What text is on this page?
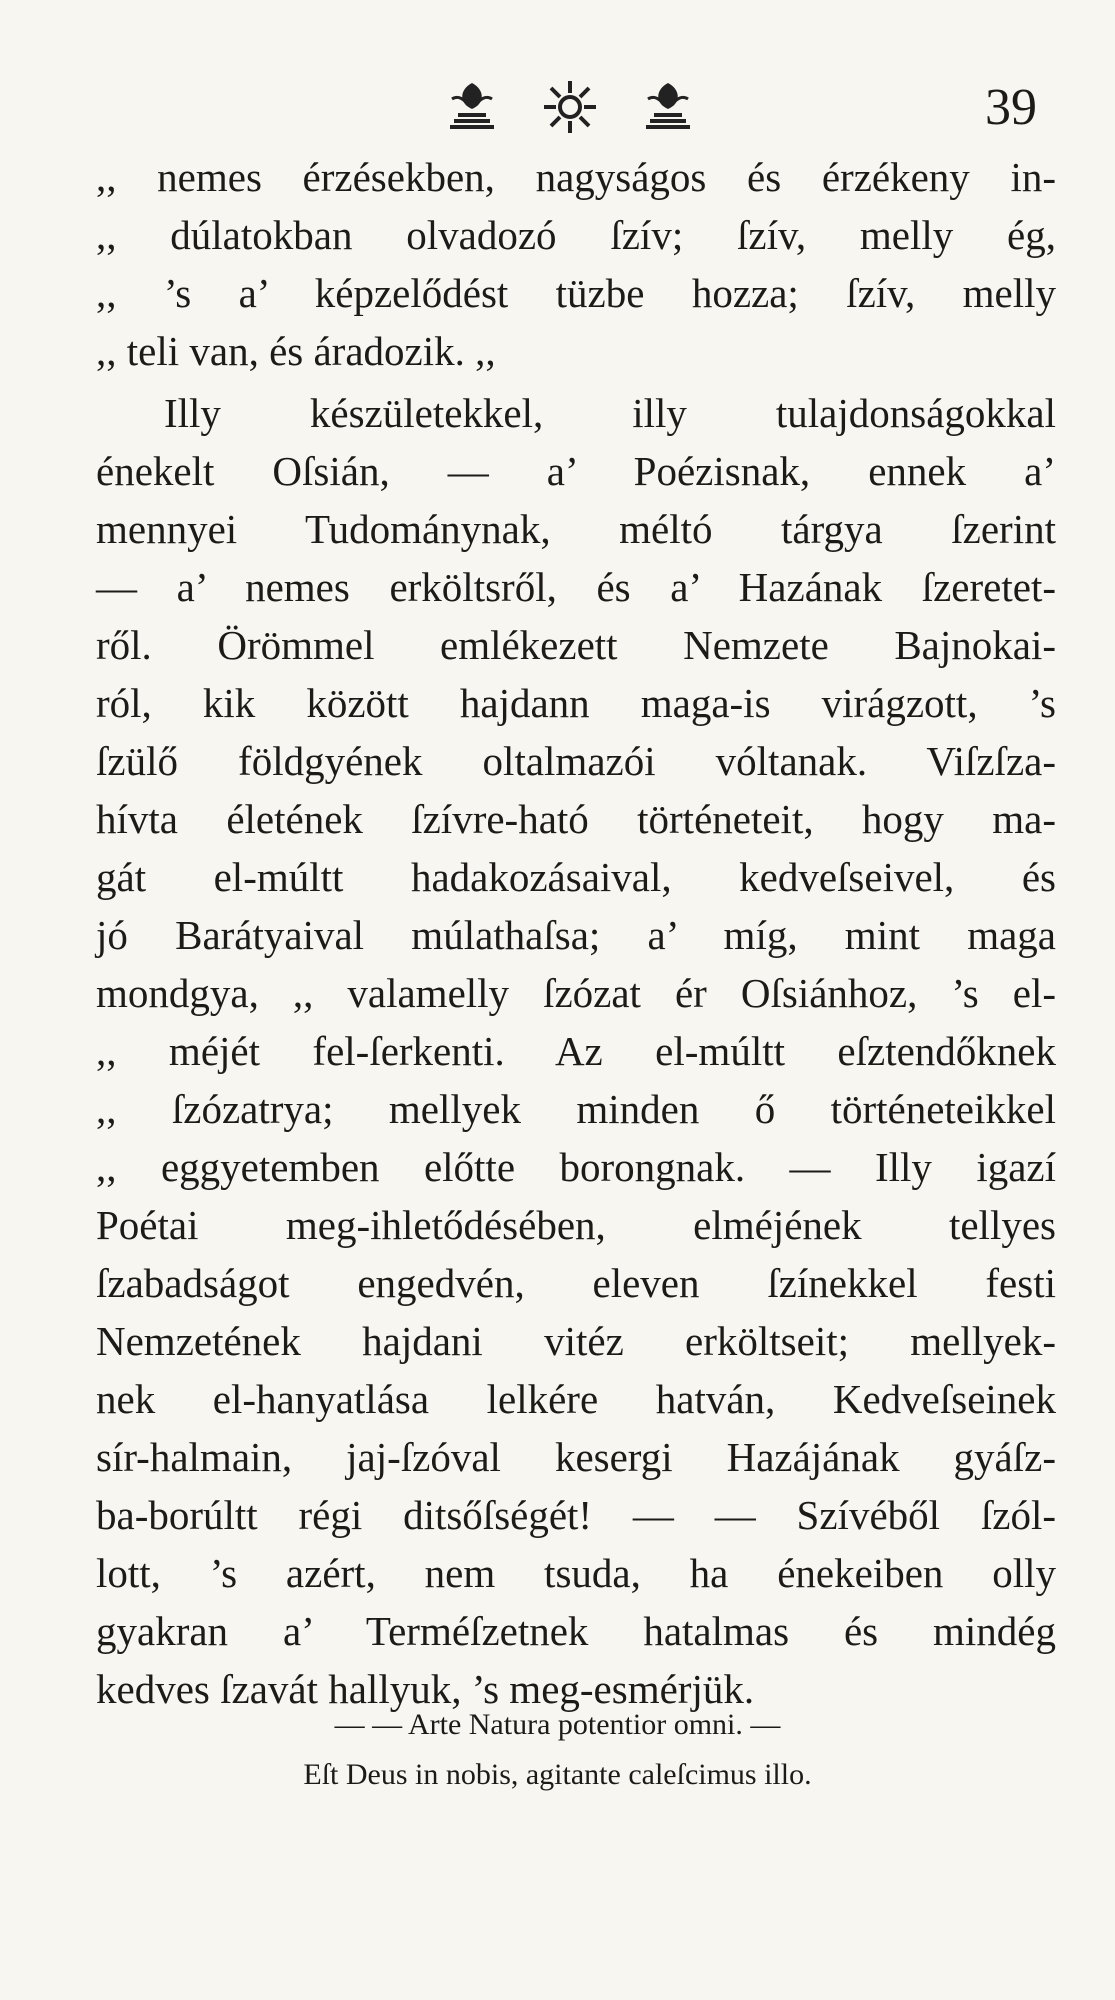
39
,, nemes érzésekben, nagyságos és érzékeny in-
,, dúlatokban olvadozó ſzív; ſzív, melly ég,
,, ’s a’ képzelődést tüzbe hozza; ſzív, melly
,, teli van, és áradozik. ,,
Illy készületekkel, illy tulajdonságokkal
énekelt Oſsián, — a’ Poézisnak, ennek a’
mennyei Tudománynak, méltó tárgya ſzerint
— a’ nemes erköltsről, és a’ Hazának ſzeretet-
ről. Örömmel emlékezett Nemzete Bajnokai-
ról, kik között hajdann maga-is virágzott, ’s
ſzülő földgyének oltalmazói vóltanak. Viſzſza-
hívta életének ſzívre-ható történeteit, hogy ma-
gát el-múltt hadakozásaival, kedveſseivel, és
jó Barátyaival múlathaſsa; a’ míg, mint maga
mondgya, ,, valamelly ſzózat ér Oſsiánhoz, ’s el-
,, méjét fel-ſerkenti. Az el-múltt eſztendőknek
,, ſzózatrya; mellyek minden ő történeteikkel
,, eggyetemben előtte borongnak. — Illy igazí
Poétai meg-ihletődésében, elméjének tellyes
ſzabadságot engedvén, eleven ſzínekkel festi
Nemzetének hajdani vitéz erköltseit; mellyek-
nek el-hanyatlása lelkére hatván, Kedveſseinek
sír-halmain, jaj-ſzóval kesergi Hazájának gyáſz-
ba-borúltt régi ditsőſségét! — — Szívéből ſzól-
lott, ’s azért, nem tsuda, ha énekeiben olly
gyakran a’ Terméſzetnek hatalmas és mindég
kedves ſzavát hallyuk, ’s meg-esmérjük.
— — Arte Natura potentior omni. —
Eſt Deus in nobis, agitante caleſcimus illo.
